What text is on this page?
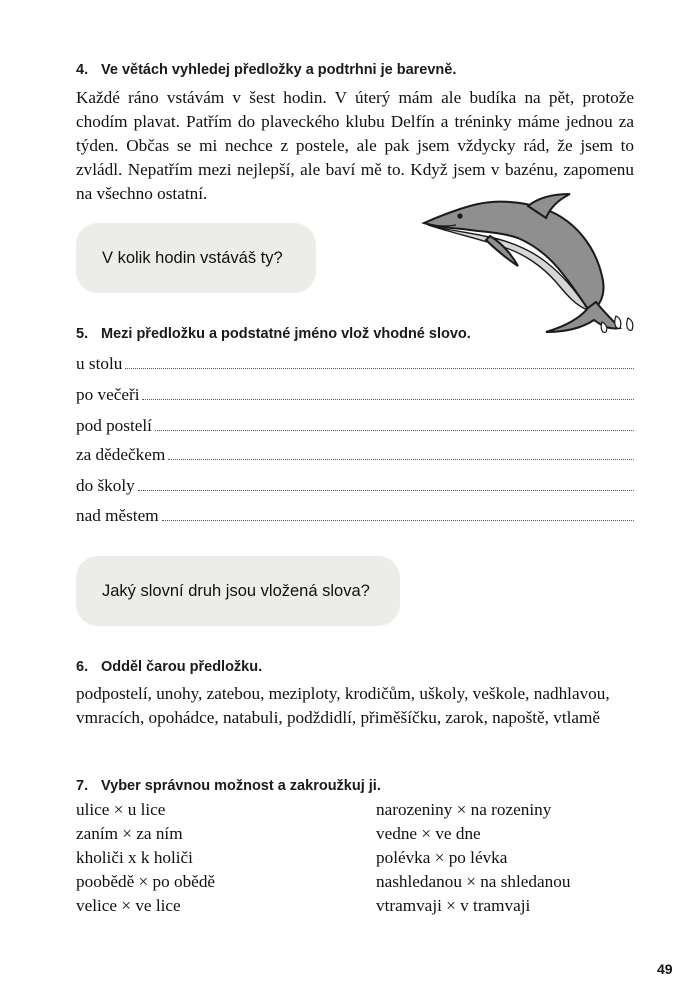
4. Ve větách vyhledej předložky a podtrhni je barevně.
Každé ráno vstávám v šest hodin. V úterý mám ale budíka na pět, protože chodím plavat. Patřím do plaveckého klubu Delfín a tréninky máme jednou za týden. Občas se mi nechce z postele, ale pak jsem vždycky rád, že jsem to zvládl. Nepatřím mezi nejlepší, ale baví mě to. Když jsem v bazénu, zapomenu na všechno ostatní.
V kolik hodin vstáváš ty?
5. Mezi předložku a podstatné jméno vlož vhodné slovo.
u stolu
po večeři
pod postelí
za dědečkem
do školy
nad městem
Jaký slovní druh jsou vložená slova?
6. Odděl čarou předložku.
podpostelí, unohy, zatebou, meziploty, krodičům, uškoly, veškole, nadhlavou, vmracích, opohádce, natabuli, podždidlí, přiměšíčku, zarok, napoště, vtlamě
7. Vyber správnou možnost a zakroužkuj ji.
ulice × u lice
zaním × za ním
kholiči x k holiči
poobědě × po obědě
velice × ve lice
narozeniny × na rozeniny
vedne × ve dne
polévka × po lévka
nashledanou × na shledanou
vtramvaji × v tramvaji
49
